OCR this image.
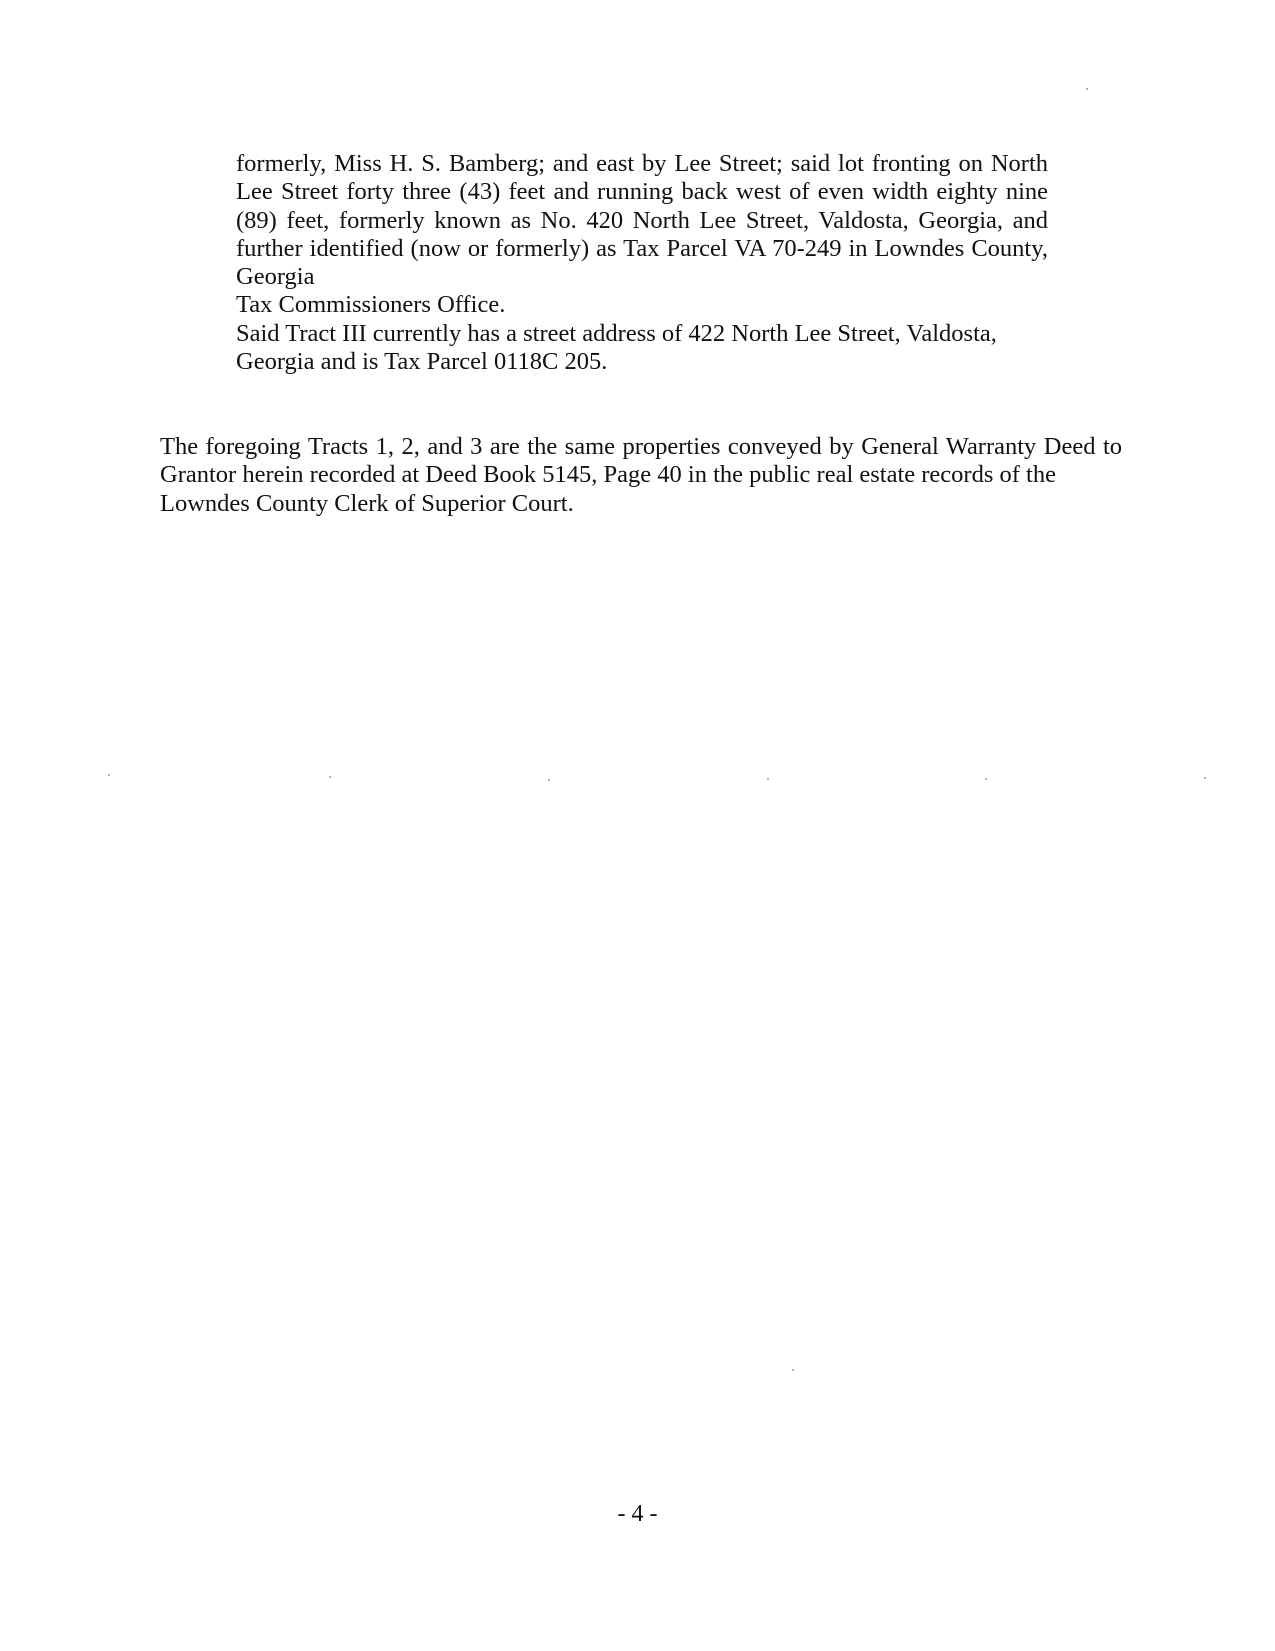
formerly, Miss H. S. Bamberg; and east by Lee Street; said lot fronting on North Lee Street forty three (43) feet and running back west of even width eighty nine (89) feet, formerly known as No. 420 North Lee Street, Valdosta, Georgia, and further identified (now or formerly) as Tax Parcel VA 70-249 in Lowndes County, Georgia
Tax Commissioners Office.
Said Tract III currently has a street address of 422 North Lee Street, Valdosta,
Georgia and is Tax Parcel 0118C 205.
The foregoing Tracts 1, 2, and 3 are the same properties conveyed by General Warranty Deed to Grantor herein recorded at Deed Book 5145, Page 40 in the public real estate records of the
Lowndes County Clerk of Superior Court.
- 4 -
